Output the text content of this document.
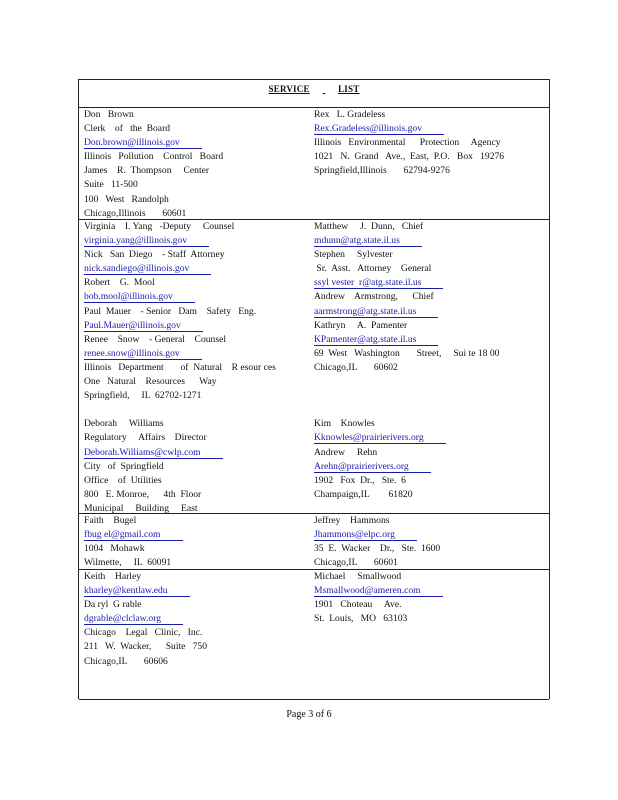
SERVICE	LIST
Don   Brown
Clerk    of   the  Board
Don.brown@illinois.gov
Illinois   Pollution    Control   Board
James    R.  Thompson     Center
Suite   11-500
100   West   Randolph
Chicago,Illinois       60601
Rex   L. Gradeless
Rex.Gradeless@illinois.gov
Illinois   Environmental      Protection     Agency
1021   N.  Grand   Ave.,  East,  P.O.   Box   19276
Springfield,Illinois       62794-9276
Virginia    I. Yang   -Deputy     Counsel
virginia.yang@illinois.gov
Nick   San  Diego    - Staff  Attorney
nick.sandiego@illinois.gov
Robert    G.  Mool
bob.mool@illinois.gov
Paul  Mauer    - Senior   Dam    Safety   Eng.
Paul.Mauer@illinois.gov
Renee    Snow    - General    Counsel
renee.snow@illinois.gov
Illinois   Department       of  Natural    R esour ces
One   Natural    Resources      Way
Springfield,     IL  62702-1271
Deborah     Williams
Regulatory     Affairs    Director
Deborah.Williams@cwlp.com
City   of  Springfield
Office    of  Utilities
800   E. Monroe,      4th  Floor
Municipal     Building     East
Matthew     J.  Dunn,   Chief
mdunn@atg.state.il.us
Stephen     Sylvester
Sr.  Asst.   Attorney    General
ssyl vester  r@atg.state.il.us
Andrew    Armstrong,      Chief
aarmstrong@atg.state.il.us
Kathryn     A.  Pamenter
KPamenter@atg.state.il.us
69  West   Washington       Street,     Sui te 18 00
Chicago,IL       60602
Kim    Knowles
Kknowles@prairierivers.org
Andrew     Rehn
Arehn@prairierivers.org
1902   Fox  Dr.,   Ste.  6
Champaign,IL        61820
Faith    Bugel
fbug el@gmail.com
1004   Mohawk
Wilmette,     IL  60091
Jeffrey    Hammons
Jhammons@elpc.org
35  E.  Wacker    Dr.,   Ste.  1600
Chicago,IL       60601
Keith    Harley
kharley@kentlaw.edu
Da ryl  G rable
dgrable@clclaw.org
Chicago    Legal   Clinic,   Inc.
211   W.  Wacker,      Suite   750
Chicago,IL       60606
Michael     Smallwood
Msmallwood@ameren.com
1901   Choteau     Ave.
St.  Louis,   MO   63103
Page 3 of 6
